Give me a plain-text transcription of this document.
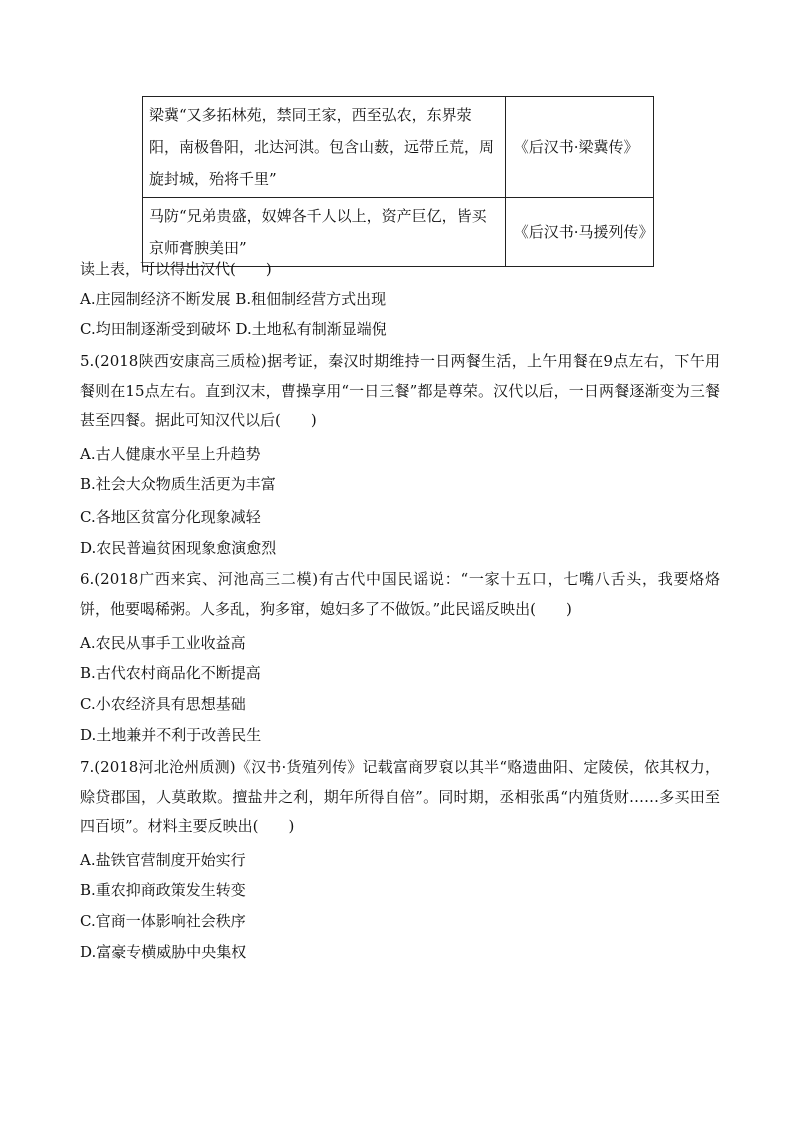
梁冀“又多拓林苑，禁同王家，西至弘农，东界荥阳，南极鲁阳，北达河淇。包含山薮，远带丘荒，周旋封城，殆将千里”	《后汉书·梁冀传》
马防“兄弟贵盛，奴婢各千人以上，资产巨亿，皆买京师膏腴美田”	《后汉书·马援列传》
读上表，可以得出汉代(　　)
A.庄园制经济不断发展 B.租佃制经营方式出现
C.均田制逐渐受到破坏 D.土地私有制渐显端倪
5.(2018陕西安康高三质检)据考证，秦汉时期维持一日两餐生活，上午用餐在9点左右，下午用餐则在15点左右。直到汉末，曹操享用“一日三餐”都是尊荣。汉代以后，一日两餐逐渐变为三餐甚至四餐。据此可知汉代以后(　　)
A.古人健康水平呈上升趋势
B.社会大众物质生活更为丰富
C.各地区贫富分化现象减轻
D.农民普遍贫困现象愈演愈烈
6.(2018广西来宾、河池高三二模)有古代中国民谣说：“一家十五口，七嘴八舌头，我要烙烙饼，他要喝稀粥。人多乱，狗多窜，媳妇多了不做饭。”此民谣反映出(　　)
A.农民从事手工业收益高
B.古代农村商品化不断提高
C.小农经济具有思想基础
D.土地兼并不利于改善民生
7.(2018河北沧州质测)《汉书·货殖列传》记载富商罗裒以其半“赂遗曲阳、定陵侯，依其权力，赊贷郡国，人莫敢欺。擅盐井之利，期年所得自倍”。同时期，丞相张禹“内殖货财……多买田至四百顷”。材料主要反映出(　　)
A.盐铁官营制度开始实行
B.重农抑商政策发生转变
C.官商一体影响社会秩序
D.富豪专横威胁中央集权
